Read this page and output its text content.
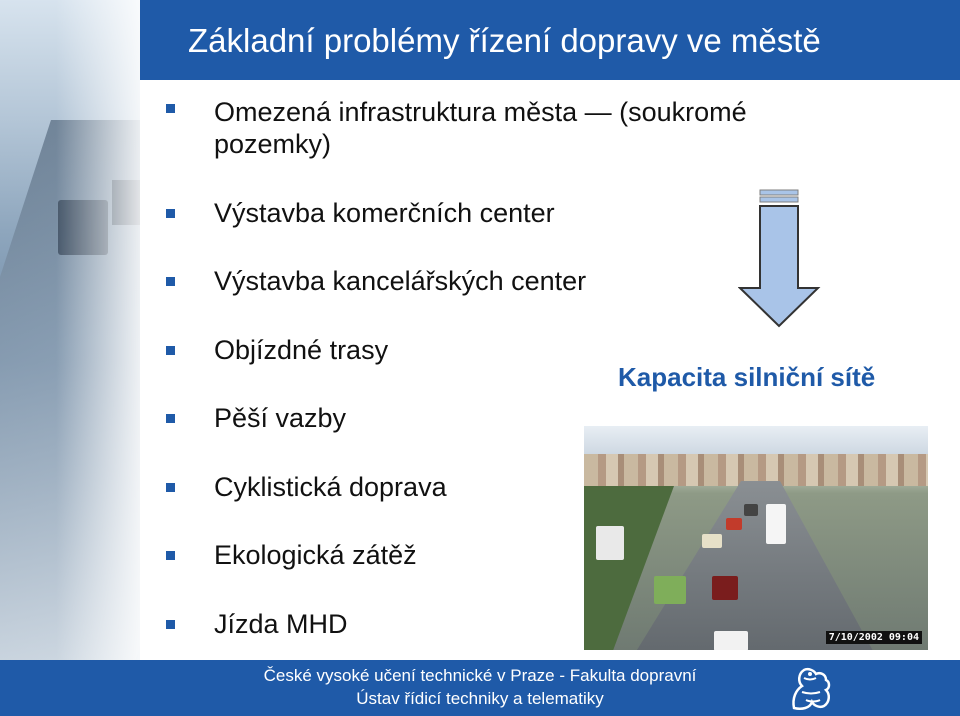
Základní problémy řízení dopravy ve městě
Omezená infrastruktura města — (soukromé
pozemky)
Výstavba komerčních center
Výstavba kancelářských center
Objízdné trasy
Pěší vazby
Cyklistická doprava
Ekologická zátěž
Jízda MHD
Kapacita silniční sítě
7/10/2002 09:04
České vysoké učení technické v Praze - Fakulta dopravní
Ústav řídicí techniky a telematiky
